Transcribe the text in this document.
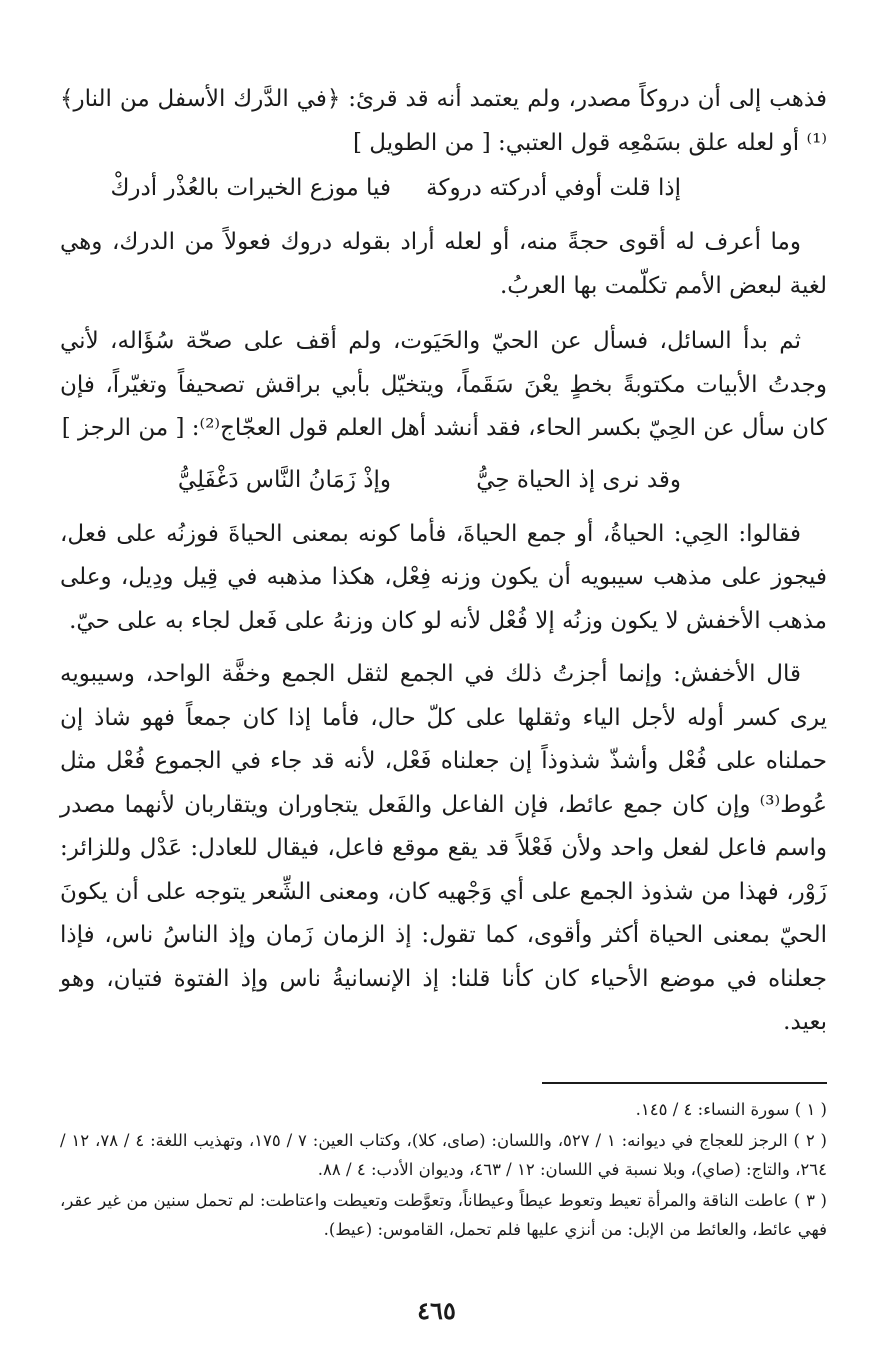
فذهب إلى أن دروكاً مصدر، ولم يعتمد أنه قد قرئ: ﴿في الدَّرك الأسفل من النار﴾⁽¹⁾ أو لعله علق بسَمْعِه قول العتبي: [ من الطويل ]

إذا قلت أوفي أدركته دروكة
فيا موزع الخيرات بالعُذْر أدركْ

وما أعرف له أقوى حجةً منه، أو لعله أراد بقوله دروك فعولاً من الدرك، وهي لغية لبعض الأمم تكلّمت بها العربُ.

ثم بدأ السائل، فسأل عن الحيّ والحَيَوت، ولم أقف على صحّة سُؤَاله، لأني وجدتُ الأبيات مكتوبةً بخطٍ يعْنَ سَقَماً، ويتخيّل بأبي براقش تصحيفاً وتغيّراً، فإن كان سأل عن الحِيّ بكسر الحاء، فقد أنشد أهل العلم قول العجّاج⁽²⁾: [ من الرجز ]

وقد نرى إذ الحياة حِيُّ
وإذْ زَمَانُ النَّاس دَغْفَلِيُّ

فقالوا: الحِي: الحياةُ، أو جمع الحياةَ، فأما كونه بمعنى الحياةَ فوزنُه على فعل، فيجوز على مذهب سيبويه أن يكون وزنه فِعْل، هكذا مذهبه في قِيل ودِيل، وعلى مذهب الأخفش لا يكون وزنُه إلا فُعْل لأنه لو كان وزنهُ على فَعل لجاء به على حيّ.

قال الأخفش: وإنما أجزتُ ذلك في الجمع لثقل الجمع وخفَّة الواحد، وسيبويه يرى كسر أوله لأجل الياء وثقلها على كلّ حال، فأما إذا كان جمعاً فهو شاذ إن حملناه على فُعْل وأشذّ شذوذاً إن جعلناه فَعْل، لأنه قد جاء في الجموع فُعْل مثل عُوط⁽³⁾ وإن كان جمع عائط، فإن الفاعل والفَعل يتجاوران ويتقاربان لأنهما مصدر واسم فاعل لفعل واحد ولأن فَعْلاً قد يقع موقع فاعل، فيقال للعادل: عَدْل وللزائر: زَوْر، فهذا من شذوذ الجمع على أي وَجْهيه كان، ومعنى الشِّعر يتوجه على أن يكونَ الحيّ بمعنى الحياة أكثر وأقوى، كما تقول: إذ الزمان زَمان وإذ الناسُ ناس، فإذا جعلناه في موضع الأحياء كان كأنا قلنا: إذ الإنسانيةُ ناس وإذ الفتوة فتيان، وهو بعيد.

( ١ ) سورة النساء: ٤ / ١٤٥.

( ٢ ) الرجز للعجاج في ديوانه: ١ / ٥٢٧، واللسان: (صاى، كلا)، وكتاب العين: ٧ / ١٧٥، وتهذيب اللغة: ٤ / ٧٨، ١٢ / ٢٦٤، والتاج: (صاي)، وبلا نسبة في اللسان: ١٢ / ٤٦٣، وديوان الأدب: ٤ / ٨٨.

( ٣ ) عاطت الناقة والمرأة تعيط وتعوط عيطاً وعيطاناً، وتعوَّطت وتعيطت واعتاطت: لم تحمل سنين من غير عقر، فهي عائط، والعائط من الإبل: من أنزي عليها فلم تحمل، القاموس: (عيط).

٤٦٥
